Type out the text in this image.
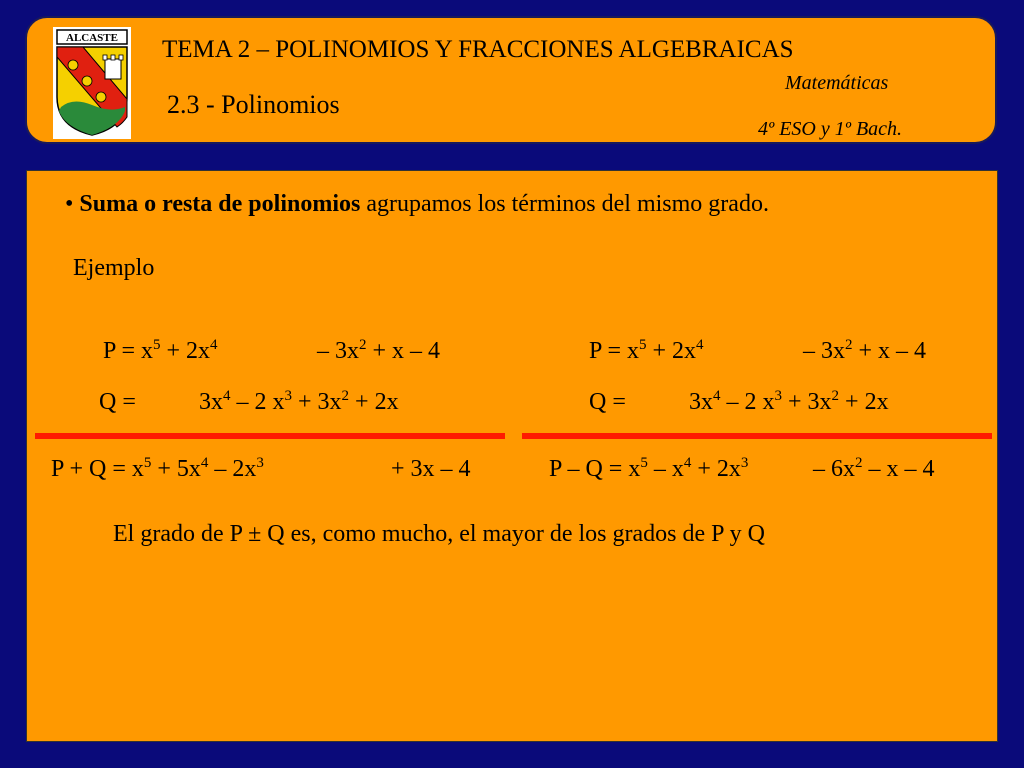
ALCASTE TEMA 2 – POLINOMIOS Y FRACCIONES ALGEBRAICAS
2.3 - Polinomios
Matemáticas
4º ESO y 1º Bach.
• Suma o resta de polinomios agrupamos los términos del mismo grado.
Ejemplo
$P = x^5 + 2x^4$	– $3x^2 + x - 4$
Q =	$3x^4 - 2$ $x^3 + 3x^2 + 2x$
$P + Q = x^5 + 5x^4 - 2x^3$	+ 3x – 4
$P = x^5 + 2x^4$	– $3x^2 + x - 4$
Q =	$3x^4 - 2$ $x^3 + 3x^2 + 2x$
$P - Q = x^5 - x^4 + 2x^3$	– $6x^2$ – x – 4
El grado de P ± Q es, como mucho, el mayor de los grados de P y Q
